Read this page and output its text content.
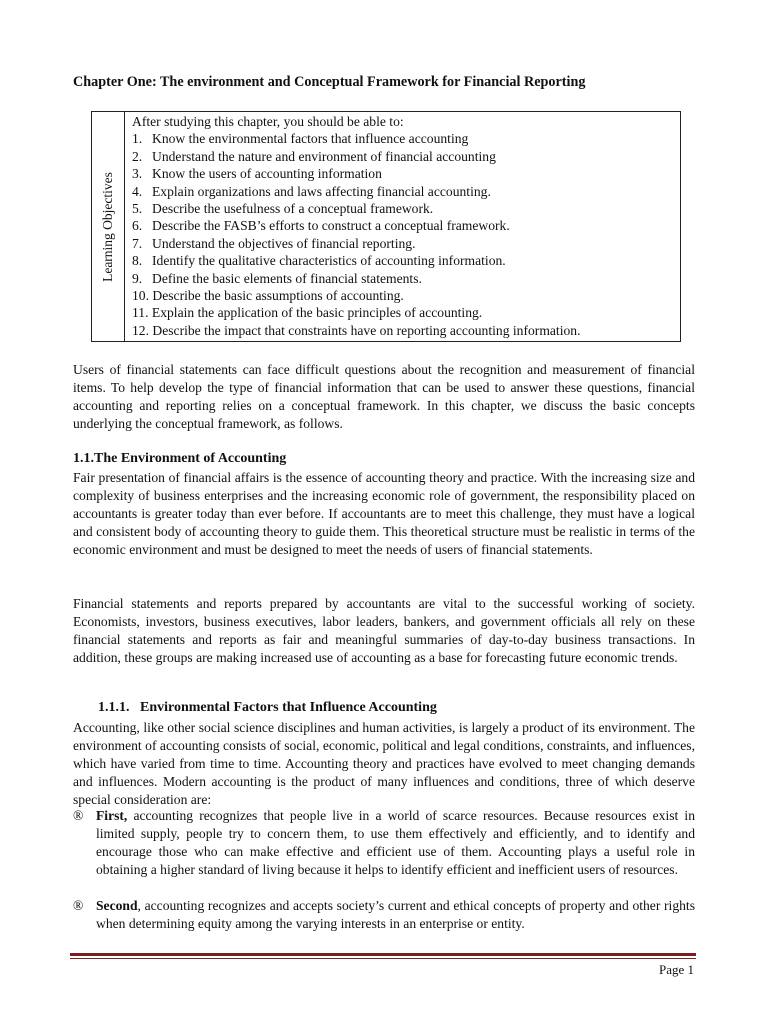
Chapter One: The environment and Conceptual Framework for Financial Reporting
Learning Objectives
After studying this chapter, you should be able to:
1. Know the environmental factors that influence accounting
2. Understand the nature and environment of financial accounting
3. Know the users of accounting information
4. Explain organizations and laws affecting financial accounting.
5. Describe the usefulness of a conceptual framework.
6. Describe the FASB’s efforts to construct a conceptual framework.
7. Understand the objectives of financial reporting.
8. Identify the qualitative characteristics of accounting information.
9. Define the basic elements of financial statements.
10. Describe the basic assumptions of accounting.
11. Explain the application of the basic principles of accounting.
12. Describe the impact that constraints have on reporting accounting information.

Users of financial statements can face difficult questions about the recognition and measurement of financial items. To help develop the type of financial information that can be used to answer these questions, financial accounting and reporting relies on a conceptual framework. In this chapter, we discuss the basic concepts underlying the conceptual framework, as follows.

1.1.The Environment of Accounting

Fair presentation of financial affairs is the essence of accounting theory and practice. With the increasing size and complexity of business enterprises and the increasing economic role of government, the responsibility placed on accountants is greater today than ever before. If accountants are to meet this challenge, they must have a logical and consistent body of accounting theory to guide them. This theoretical structure must be realistic in terms of the economic environment and must be designed to meet the needs of users of financial statements.

Financial statements and reports prepared by accountants are vital to the successful working of society. Economists, investors, business executives, labor leaders, bankers, and government officials all rely on these financial statements and reports as fair and meaningful summaries of day-to-day business transactions. In addition, these groups are making increased use of accounting as a base for forecasting future economic trends.

1.1.1.   Environmental Factors that Influence Accounting

Accounting, like other social science disciplines and human activities, is largely a product of its environment. The environment of accounting consists of social, economic, political and legal conditions, constraints, and influences, which have varied from time to time. Accounting theory and practices have evolved to meet changing demands and influences. Modern accounting is the product of many influences and conditions, three of which deserve special consideration are:

® First, accounting recognizes that people live in a world of scarce resources. Because resources exist in limited supply, people try to concern them, to use them effectively and efficiently, and to identify and encourage those who can make effective and efficient use of them. Accounting plays a useful role in obtaining a higher standard of living because it helps to identify efficient and inefficient users of resources.
® Second, accounting recognizes and accepts society’s current and ethical concepts of property and other rights when determining equity among the varying interests in an enterprise or entity.
Page 1
